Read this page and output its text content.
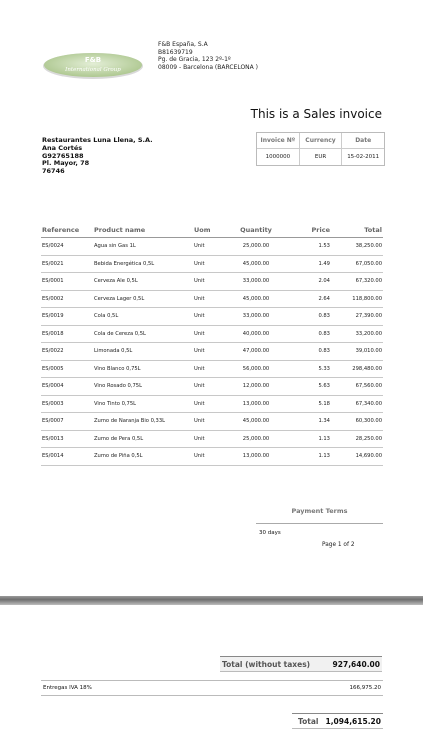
F&B
International Group
F&B España, S.A
B81639719
Pg. de Gracia, 123 2º-1º
08009 - Barcelona (BARCELONA )
This is a Sales invoice
Restaurantes Luna Llena, S.A.
Ana Cortés
G92765188
Pl. Mayor, 78
76746
Invoice Nº
1000000
Currency
EUR
Date
15-02-2011
Reference	Product name	Uom	Quantity	Price	Total
ES/0024	Agua sin Gas 1L	Unit	25,000.00	1.53	38,250.00
ES/0021	Bebida Energética 0,5L	Unit	45,000.00	1.49	67,050.00
ES/0001	Cerveza Ale 0,5L	Unit	33,000.00	2.04	67,320.00
ES/0002	Cerveza Lager 0,5L	Unit	45,000.00	2.64	118,800.00
ES/0019	Cola 0,5L	Unit	33,000.00	0.83	27,390.00
ES/0018	Cola de Cereza 0,5L	Unit	40,000.00	0.83	33,200.00
ES/0022	Limonada 0,5L	Unit	47,000.00	0.83	39,010.00
ES/0005	Vino Blanco 0,75L	Unit	56,000.00	5.33	298,480.00
ES/0004	Vino Rosado 0,75L	Unit	12,000.00	5.63	67,560.00
ES/0003	Vino Tinto 0,75L	Unit	13,000.00	5.18	67,340.00
ES/0007	Zumo de Naranja Bio 0,33L	Unit	45,000.00	1.34	60,300.00
ES/0013	Zumo de Pera 0,5L	Unit	25,000.00	1.13	28,250.00
ES/0014	Zumo de Piña 0,5L	Unit	13,000.00	1.13	14,690.00
Payment Terms
30 days
Page 1 of 2
Total (without taxes)	927,640.00
Entregas IVA 18%	166,975.20
Total 1,094,615.20
